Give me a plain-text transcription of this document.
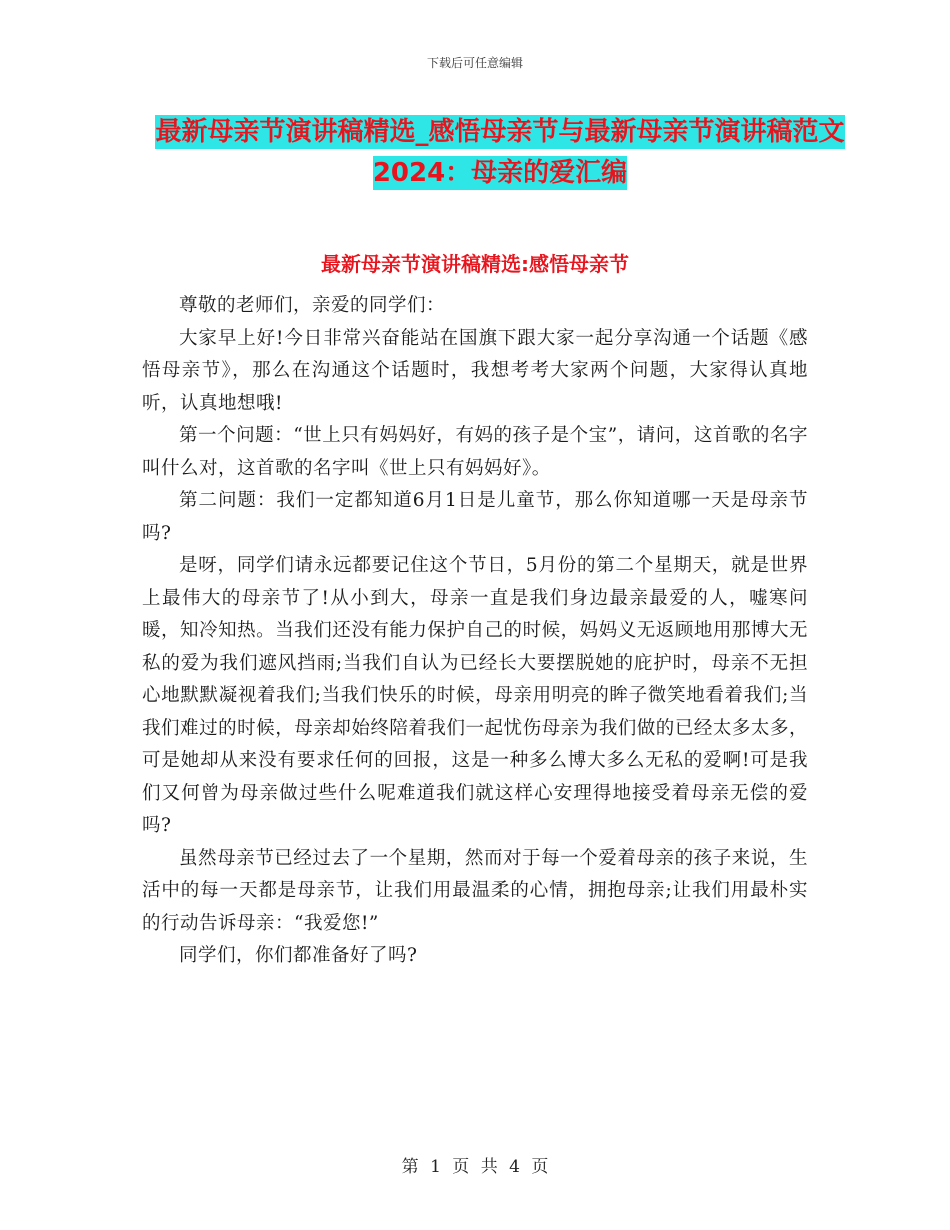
下载后可任意编辑
最新母亲节演讲稿精选_感悟母亲节与最新母亲节演讲稿范文2024：母亲的爱汇编
最新母亲节演讲稿精选:感悟母亲节

尊敬的老师们，亲爱的同学们：

大家早上好!今日非常兴奋能站在国旗下跟大家一起分享沟通一个话题《感悟母亲节》，那么在沟通这个话题时，我想考考大家两个问题，大家得认真地听，认真地想哦!

第一个问题：“世上只有妈妈好，有妈的孩子是个宝”，请问，这首歌的名字叫什么对，这首歌的名字叫《世上只有妈妈好》。

第二问题：我们一定都知道6月1日是儿童节，那么你知道哪一天是母亲节吗?

是呀，同学们请永远都要记住这个节日，5月份的第二个星期天，就是世界上最伟大的母亲节了!从小到大，母亲一直是我们身边最亲最爱的人，嘘寒问暖，知冷知热。当我们还没有能力保护自己的时候，妈妈义无返顾地用那博大无私的爱为我们遮风挡雨;当我们自认为已经长大要摆脱她的庇护时，母亲不无担心地默默凝视着我们;当我们快乐的时候，母亲用明亮的眸子微笑地看着我们;当我们难过的时候，母亲却始终陪着我们一起忧伤母亲为我们做的已经太多太多，可是她却从来没有要求任何的回报，这是一种多么博大多么无私的爱啊!可是我们又何曾为母亲做过些什么呢难道我们就这样心安理得地接受着母亲无偿的爱吗?

虽然母亲节已经过去了一个星期，然而对于每一个爱着母亲的孩子来说，生活中的每一天都是母亲节，让我们用最温柔的心情，拥抱母亲;让我们用最朴实的行动告诉母亲：“我爱您!”

同学们，你们都准备好了吗?

第 1 页 共 4 页
